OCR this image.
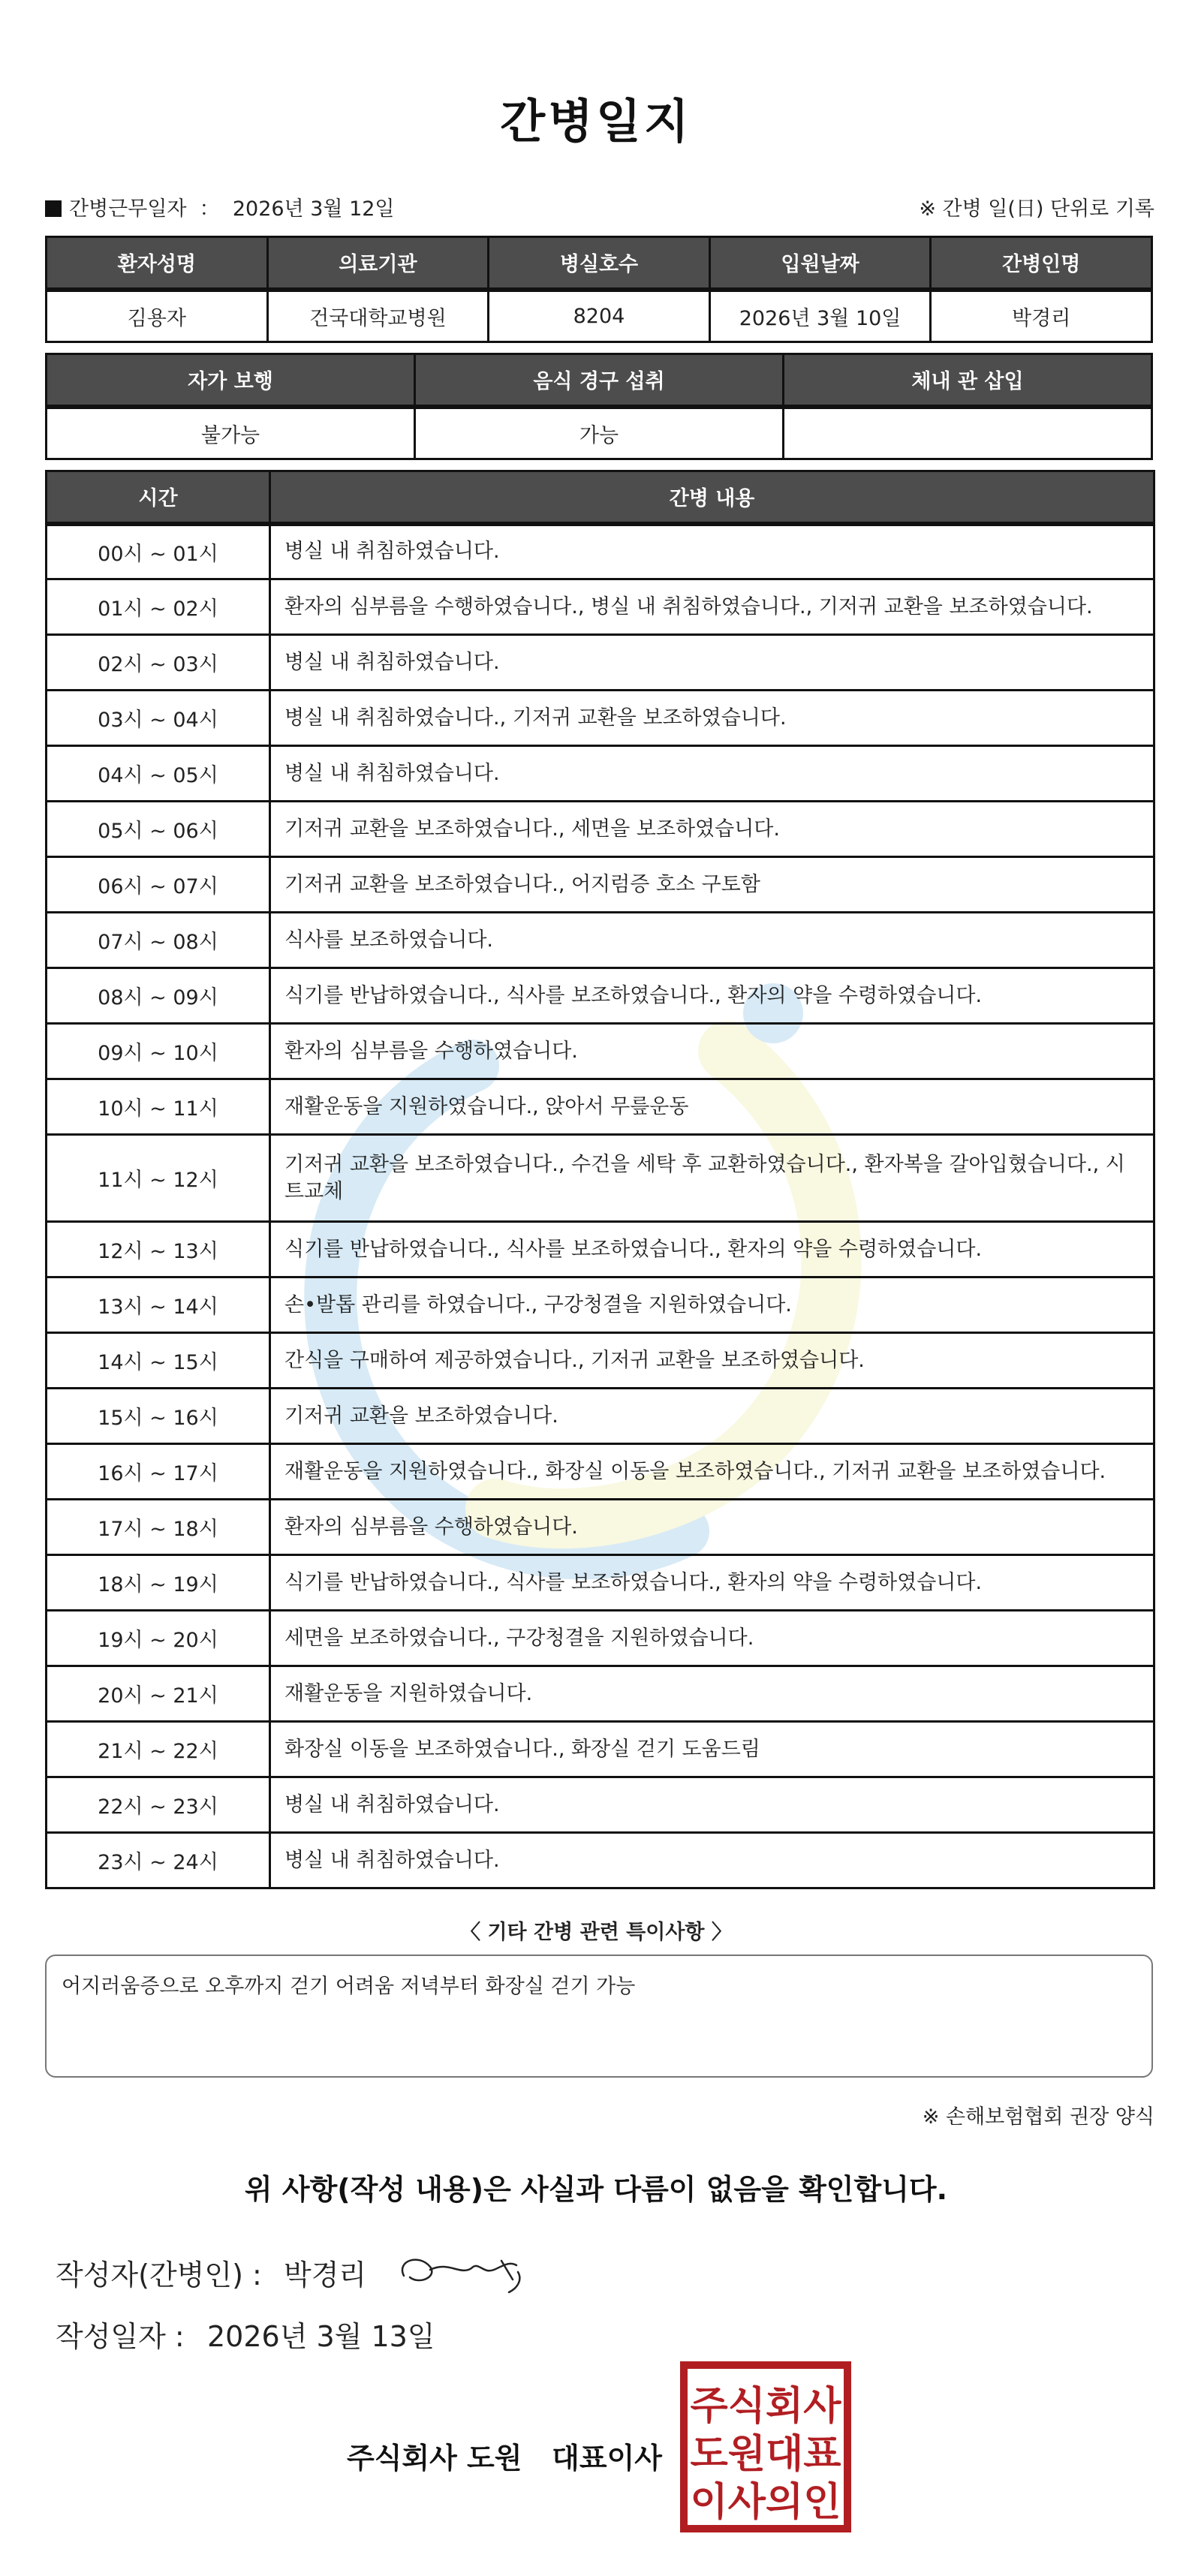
간병일지
간병근무일자 ： 2026년 3월 12일	※ 간병 일(日) 단위로 기록
환자성명	의료기관	병실호수	입원날짜	간병인명
김용자	건국대학교병원	8204	2026년 3월 10일	박경리
자가 보행	음식 경구 섭취	체내 관 삽입
불가능	가능	
시간	간병 내용
00시 ~ 01시	병실 내 취침하였습니다.
01시 ~ 02시	환자의 심부름을 수행하였습니다., 병실 내 취침하였습니다., 기저귀 교환을 보조하였습니다.
02시 ~ 03시	병실 내 취침하였습니다.
03시 ~ 04시	병실 내 취침하였습니다., 기저귀 교환을 보조하였습니다.
04시 ~ 05시	병실 내 취침하였습니다.
05시 ~ 06시	기저귀 교환을 보조하였습니다., 세면을 보조하였습니다.
06시 ~ 07시	기저귀 교환을 보조하였습니다., 어지럼증 호소 구토함
07시 ~ 08시	식사를 보조하였습니다.
08시 ~ 09시	식기를 반납하였습니다., 식사를 보조하였습니다., 환자의 약을 수령하였습니다.
09시 ~ 10시	환자의 심부름을 수행하였습니다.
10시 ~ 11시	재활운동을 지원하였습니다., 앉아서 무릎운동
11시 ~ 12시	기저귀 교환을 보조하였습니다., 수건을 세탁 후 교환하였습니다., 환자복을 갈아입혔습니다., 시트교체
12시 ~ 13시	식기를 반납하였습니다., 식사를 보조하였습니다., 환자의 약을 수령하였습니다.
13시 ~ 14시	손•발톱 관리를 하였습니다., 구강청결을 지원하였습니다.
14시 ~ 15시	간식을 구매하여 제공하였습니다., 기저귀 교환을 보조하였습니다.
15시 ~ 16시	기저귀 교환을 보조하였습니다.
16시 ~ 17시	재활운동을 지원하였습니다., 화장실 이동을 보조하였습니다., 기저귀 교환을 보조하였습니다.
17시 ~ 18시	환자의 심부름을 수행하였습니다.
18시 ~ 19시	식기를 반납하였습니다., 식사를 보조하였습니다., 환자의 약을 수령하였습니다.
19시 ~ 20시	세면을 보조하였습니다., 구강청결을 지원하였습니다.
20시 ~ 21시	재활운동을 지원하였습니다.
21시 ~ 22시	화장실 이동을 보조하였습니다., 화장실 걷기 도움드림
22시 ~ 23시	병실 내 취침하였습니다.
23시 ~ 24시	병실 내 취침하였습니다.
〈 기타 간병 관련 특이사항 〉
어지러움증으로 오후까지 걷기 어려움 저녁부터 화장실 걷기 가능
※ 손해보험협회 권장 양식
위 사항(작성 내용)은 사실과 다름이 없음을 확인합니다.
작성자(간병인) : 박경리
작성일자 : 2026년 3월 13일
주식회사 도원   대표이사
주식회사
도원대표
이사의인
